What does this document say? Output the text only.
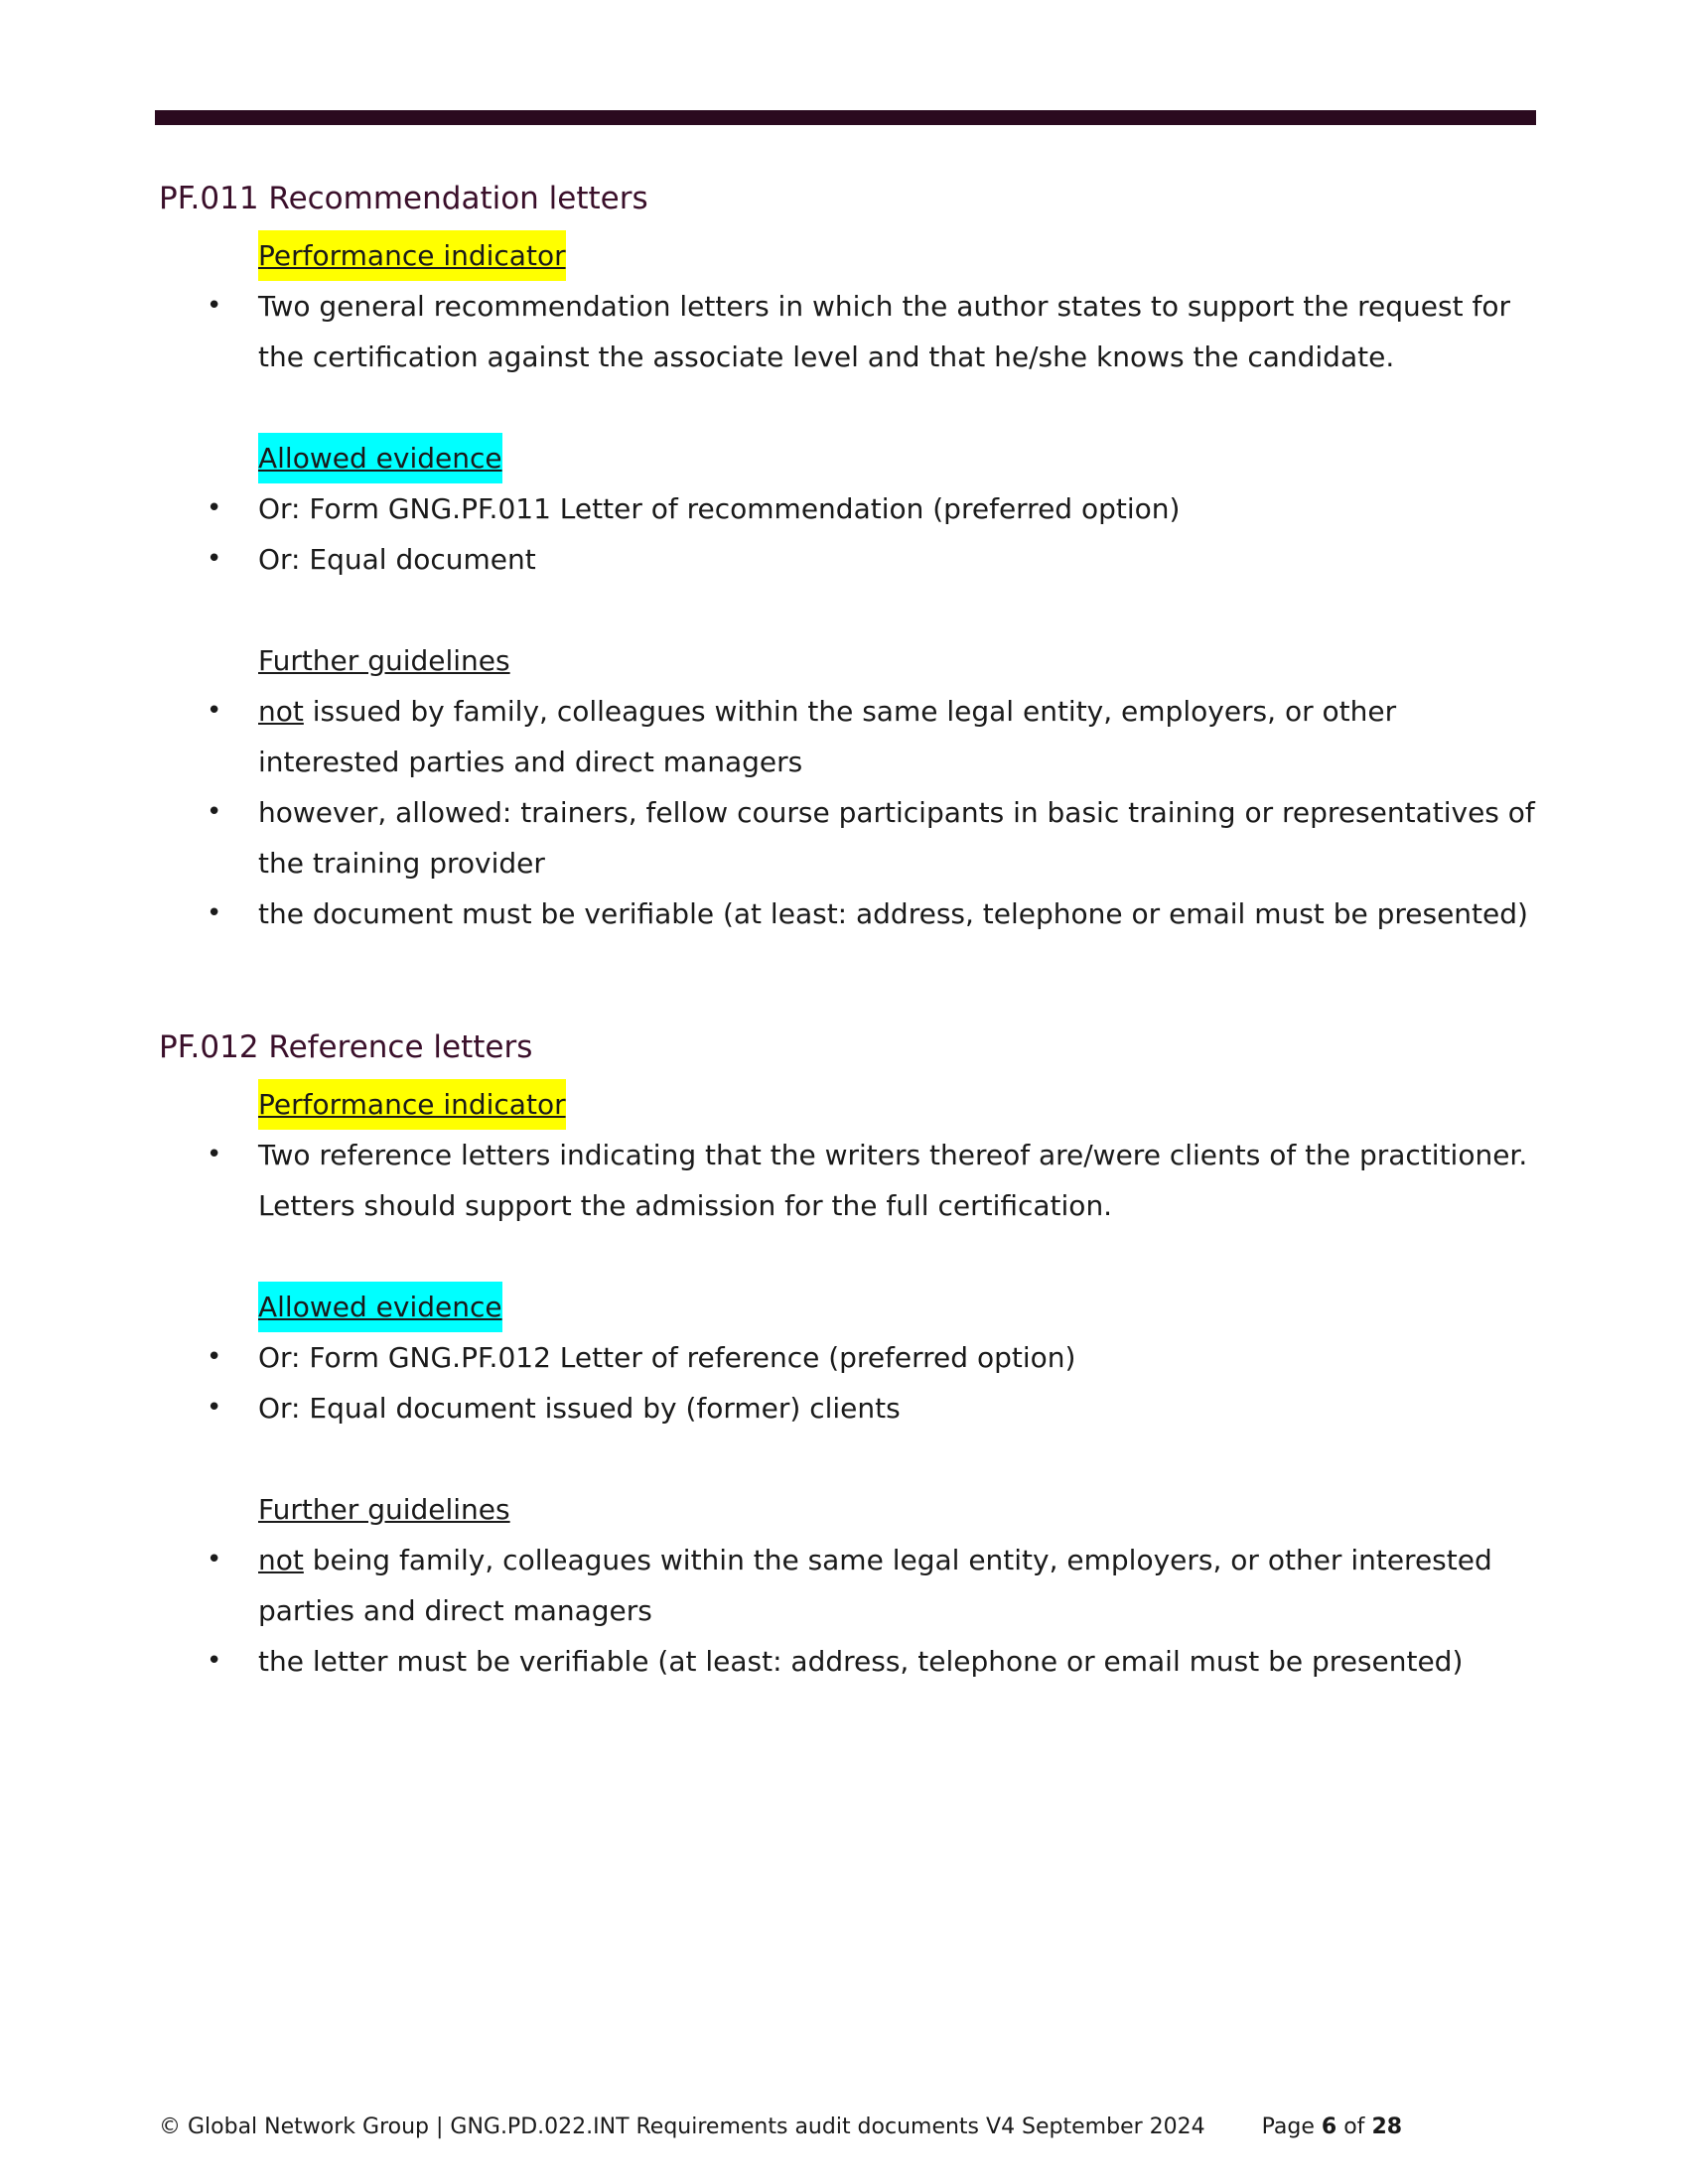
PF.011 Recommendation letters
Performance indicator
• Two general recommendation letters in which the author states to support the request for the certification against the associate level and that he/she knows the candidate.
Allowed evidence
• Or: Form GNG.PF.011 Letter of recommendation (preferred option)
• Or: Equal document
Further guidelines
• not issued by family, colleagues within the same legal entity, employers, or other interested parties and direct managers
• however, allowed: trainers, fellow course participants in basic training or representatives of the training provider
• the document must be verifiable (at least: address, telephone or email must be presented)
PF.012 Reference letters
Performance indicator
• Two reference letters indicating that the writers thereof are/were clients of the practitioner. Letters should support the admission for the full certification.
Allowed evidence
• Or: Form GNG.PF.012 Letter of reference (preferred option)
• Or: Equal document issued by (former) clients
Further guidelines
• not being family, colleagues within the same legal entity, employers, or other interested parties and direct managers
• the letter must be verifiable (at least: address, telephone or email must be presented)
© Global Network Group | GNG.PD.022.INT Requirements audit documents V4 September 2024	Page 6 of 28
